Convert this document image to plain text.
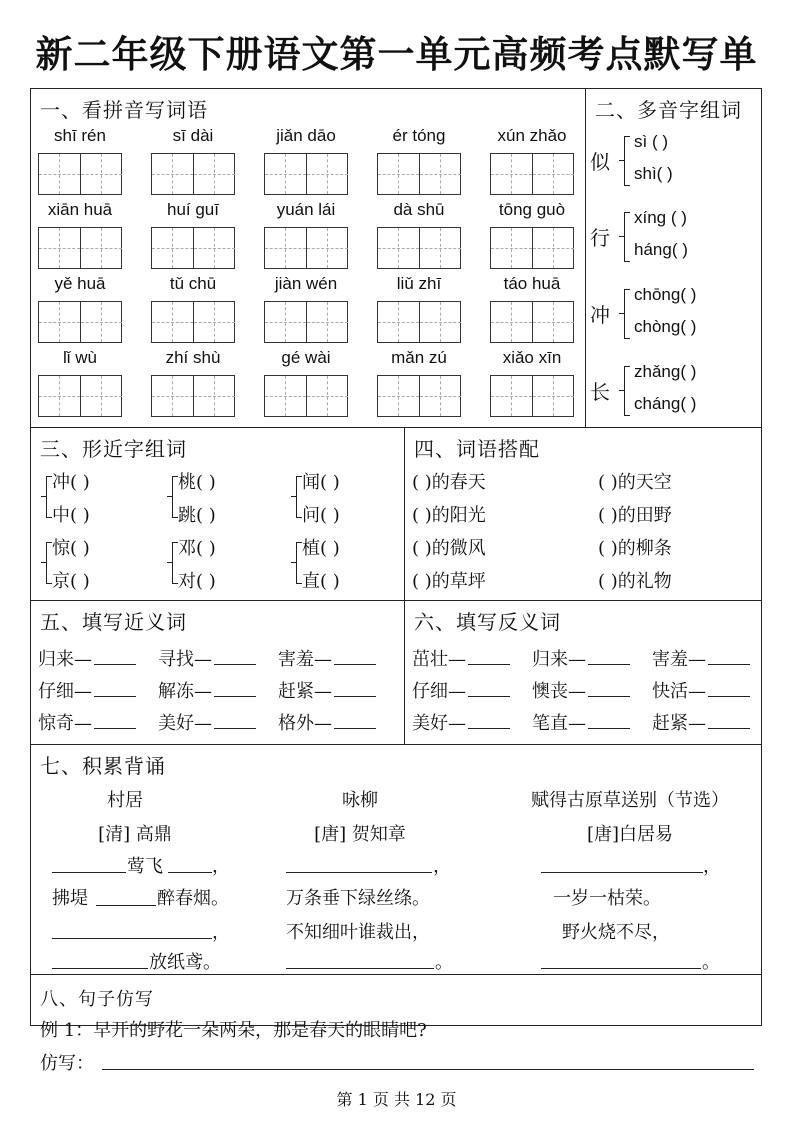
新二年级下册语文第一单元高频考点默写单
一、看拼音写词语
shī rén	sī dài	jiǎn dāo	ér tóng	xún zhǎo
xiān huā	huí guī	yuán lái	dà shū	tōng guò
yě huā	tǔ chū	jiàn wén	liǔ zhī	táo huā
lǐ wù	zhí shù	gé wài	mǎn zú	xiǎo xīn
二、多音字组词
似
sì ( )
shì( )
行
xíng ( )
háng( )
冲
chōng( )
chòng( )
长
zhǎng( )
cháng( )
三、形近字组词
冲( )
中( )
桃( )
跳( )
闻( )
问( )
惊( )
京( )
邓( )
对( )
植( )
直( )
四、词语搭配
( )的春天	( )的天空
( )的阳光	( )的田野
( )的微风	( )的柳条
( )的草坪	( )的礼物
五、填写近义词
归来—	寻找—	害羞—
仔细—	解冻—	赶紧—
惊奇—	美好—	格外—
六、填写反义词
茁壮—	归来—	害羞—
仔细—	懊丧—	快活—
美好—	笔直—	赶紧—
七、积累背诵
村居
[清] 高鼎
莺飞	，
拂堤	醉春烟。
，
放纸鸢。
咏柳
[唐] 贺知章
，
万条垂下绿丝绦。
不知细叶谁裁出，
。
赋得古原草送别（节选）
[唐]白居易
，
一岁一枯荣。
野火烧不尽，
。
八、句子仿写
例 1：早开的野花一朵两朵，那是春天的眼睛吧?
仿写：
第 1 页 共 12 页
